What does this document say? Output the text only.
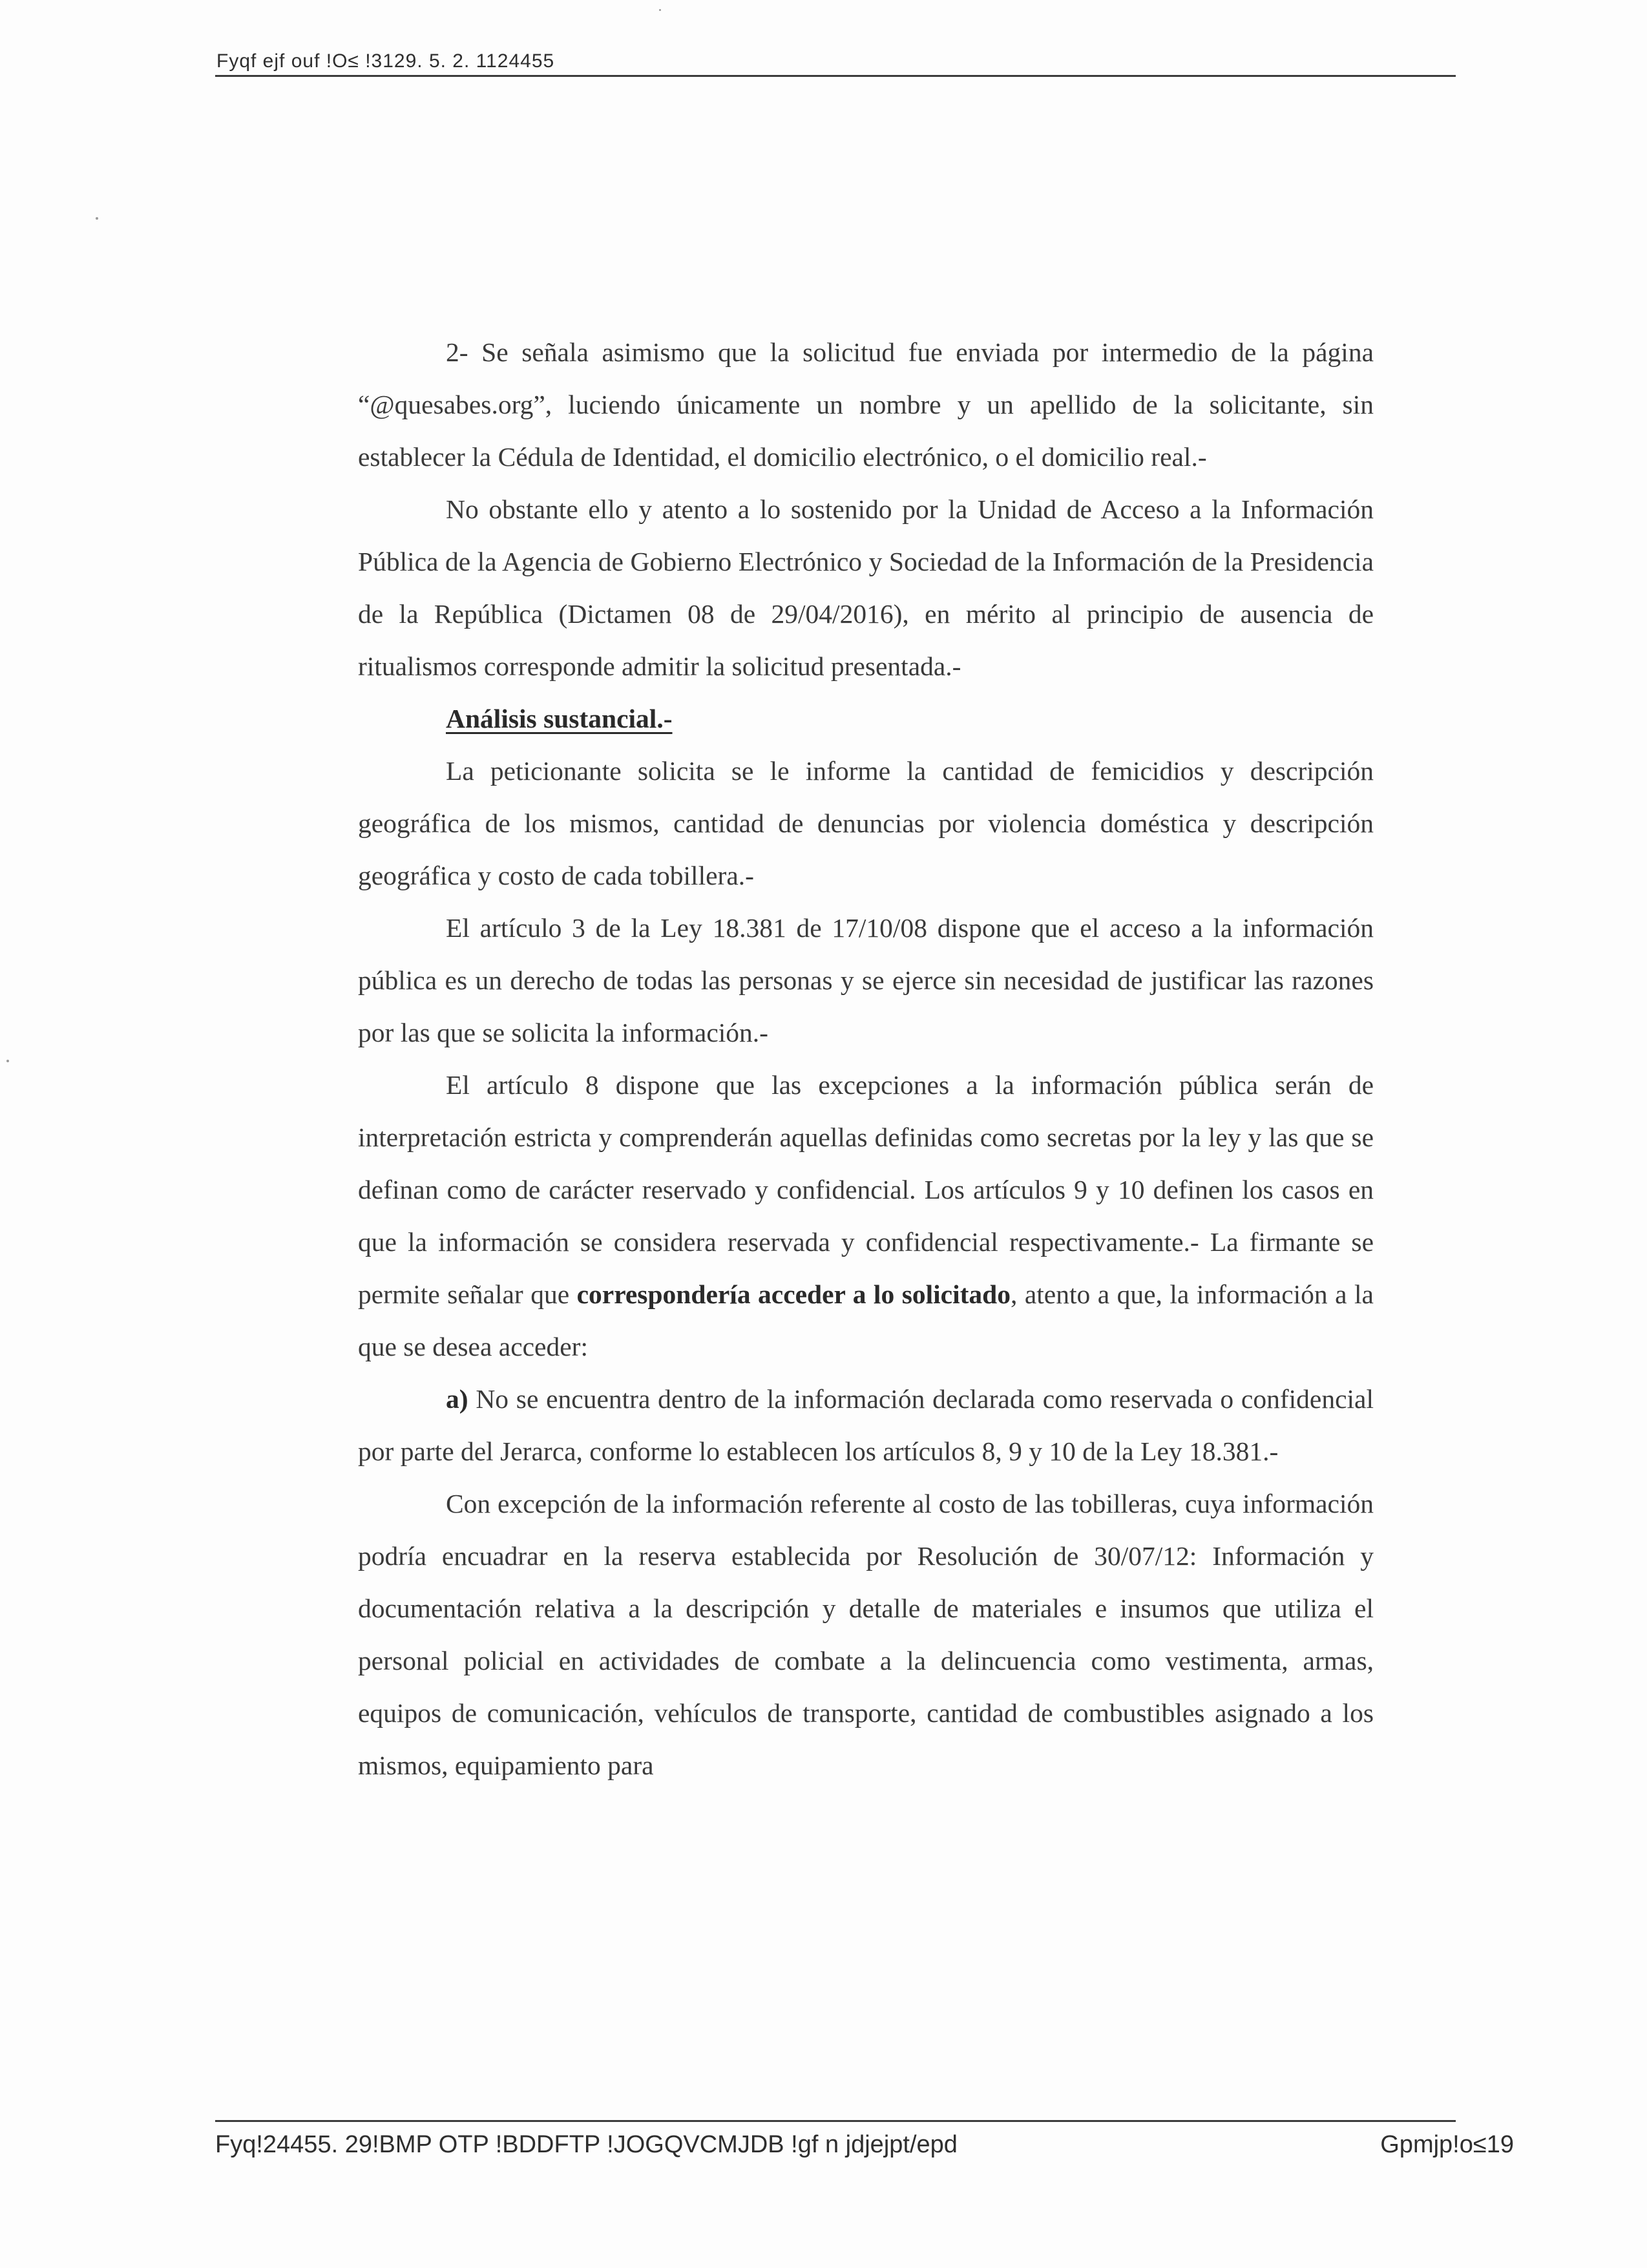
Fyqf ejf ouf !O≤ !3129. 5. 2. 1124455

2- Se señala asimismo que la solicitud fue enviada por intermedio de la página “@quesabes.org”, luciendo únicamente un nombre y un apellido de la solicitante, sin establecer la Cédula de Identidad, el domicilio electrónico, o el domicilio real.-

No obstante ello y atento a lo sostenido por la Unidad de Acceso a la Información Pública de la Agencia de Gobierno Electrónico y Sociedad de la Información de la Presidencia de la República (Dictamen 08 de 29/04/2016), en mérito al principio de ausencia de ritualismos corresponde admitir la solicitud presentada.-

Análisis sustancial.-

La peticionante solicita se le informe la cantidad de femicidios y descripción geográfica de los mismos, cantidad de denuncias por violencia doméstica y descripción geográfica y costo de cada tobillera.-

El artículo 3 de la Ley 18.381 de 17/10/08 dispone que el acceso a la información pública es un derecho de todas las personas y se ejerce sin necesidad de justificar las razones por las que se solicita la información.-

El artículo 8 dispone que las excepciones a la información pública serán de interpretación estricta y comprenderán aquellas definidas como secretas por la ley y las que se definan como de carácter reservado y confidencial. Los artículos 9 y 10 definen los casos en que la información se considera reservada y confidencial respectivamente.- La firmante se permite señalar que correspondería acceder a lo solicitado, atento a que, la información a la que se desea acceder:

a) No se encuentra dentro de la información declarada como reservada o confidencial por parte del Jerarca, conforme lo establecen los artículos 8, 9 y 10 de la Ley 18.381.-

Con excepción de la información referente al costo de las tobilleras, cuya información podría encuadrar en la reserva establecida por Resolución de 30/07/12: Información y documentación relativa a la descripción y detalle de materiales e insumos que utiliza el personal policial en actividades de combate a la delincuencia como vestimenta, armas, equipos de comunicación, vehículos de transporte, cantidad de combustibles asignado a los mismos, equipamiento para

Fyq!24455. 29!BMP OTP !BDDFTP !JOGQVCMJDB !gf n jdjejpt/epd	Gpmjp!o≤19
